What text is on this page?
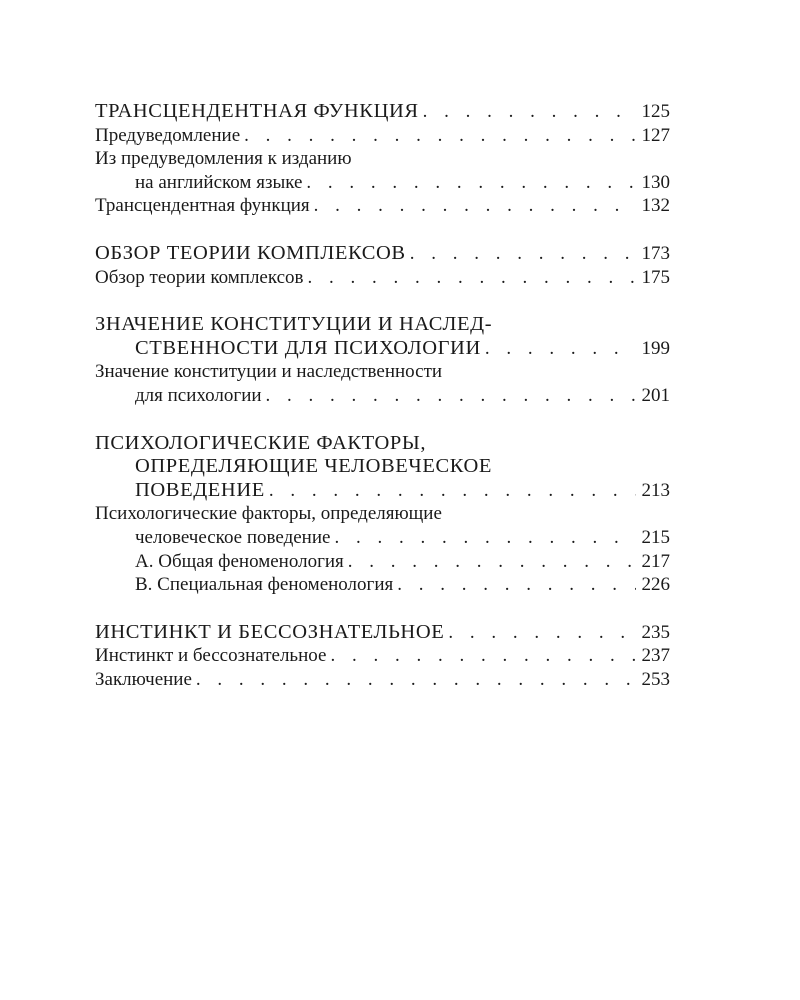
ТРАНСЦЕНДЕНТНАЯ ФУНКЦИЯ . . .	125
Предуведомление . . .	127
Из предуведомления к изданию
на английском языке . . .	130
Трансцендентная функция . . .	132
ОБЗОР ТЕОРИИ КОМПЛЕКСОВ . . .	173
Обзор теории комплексов . . .	175
ЗНАЧЕНИЕ КОНСТИТУЦИИ И НАСЛЕД-
СТВЕННОСТИ ДЛЯ ПСИХОЛОГИИ . . .	199
Значение конституции и наследственности
для психологии . . .	201
ПСИХОЛОГИЧЕСКИЕ ФАКТОРЫ,
ОПРЕДЕЛЯЮЩИЕ ЧЕЛОВЕЧЕСКОЕ
ПОВЕДЕНИЕ . . .	213
Психологические факторы, определяющие
человеческое поведение . . .	215
А. Общая феноменология . . .	217
В. Специальная феноменология . . .	226
ИНСТИНКТ И БЕССОЗНАТЕЛЬНОЕ . . .	235
Инстинкт и бессознательное . . .	237
Заключение . . .	253
